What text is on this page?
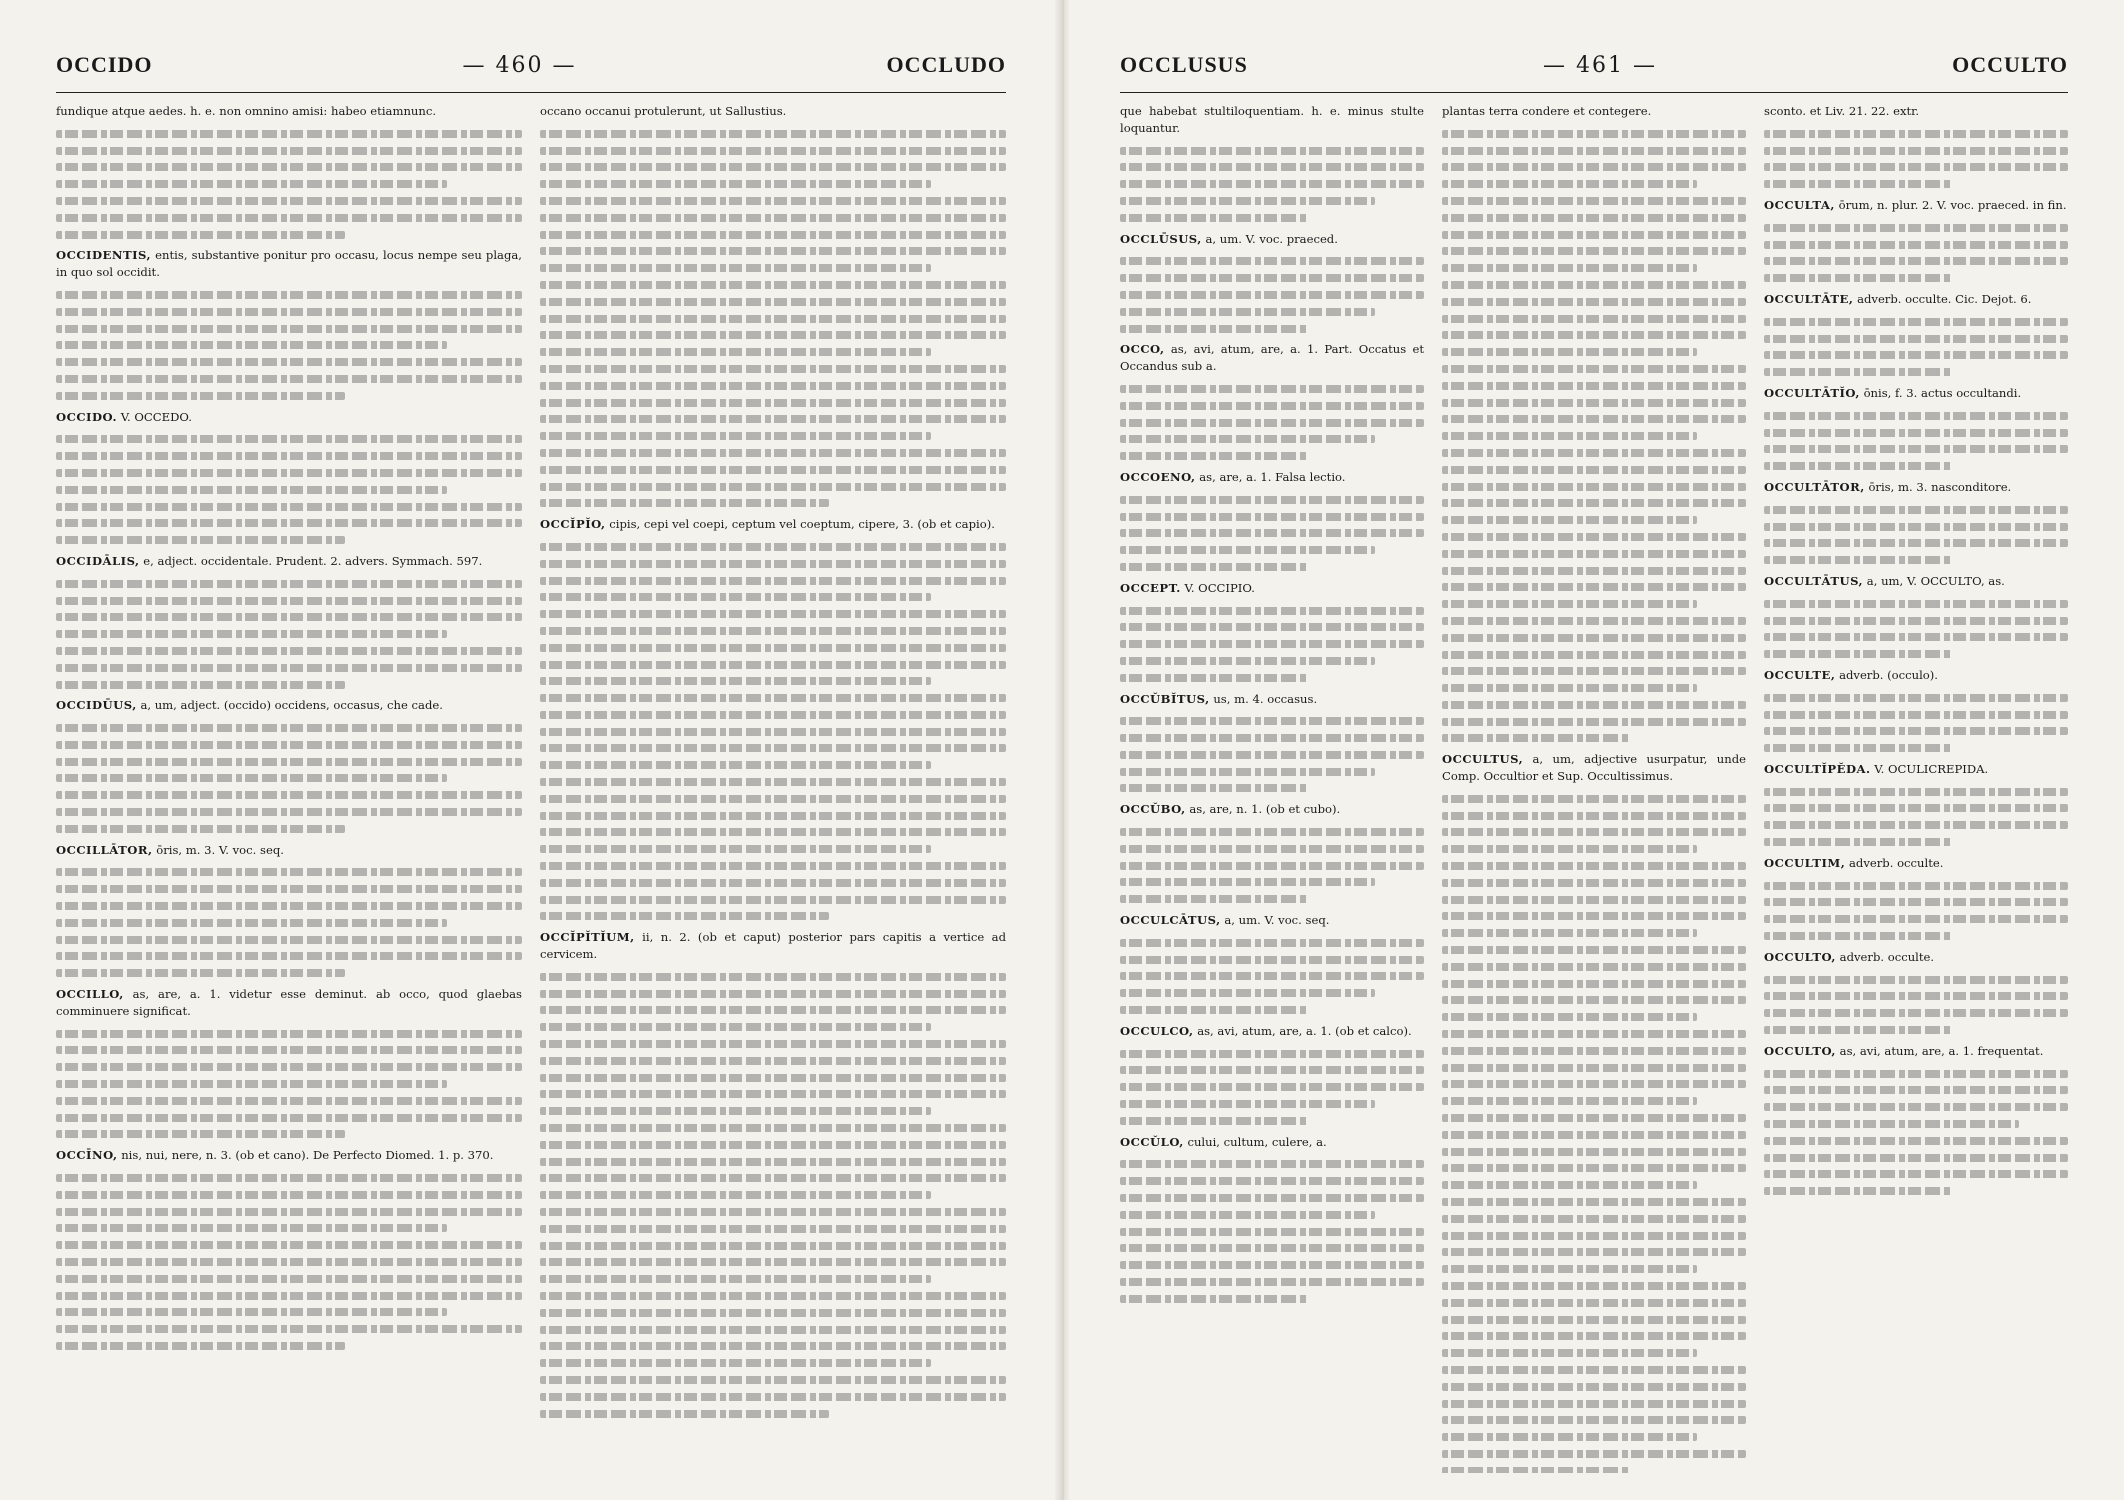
OCCIDO	— 460 —	OCCLUDO

fundique atque aedes. h. e. non omnino amisi: habeo etiamnunc.

OCCIDENTIS, entis, substantive ponitur pro occasu, locus nempe seu plaga, in quo sol occidit.

OCCIDO. V. OCCEDO.

OCCIDĀLIS, e, adject. occidentale. Prudent. 2. advers. Symmach. 597.

OCCIDŪUS, a, um, adject. (occido) occidens, occasus, che cade.

OCCILLĀTOR, ōris, m. 3. V. voc. seq.

OCCILLO, as, are, a. 1. videtur esse deminut. ab occo, quod glaebas comminuere significat.

OCCĪNO, nis, nui, nere, n. 3. (ob et cano). De Perfecto Diomed. 1. p. 370.

occano occanui protulerunt, ut Sallustius.

OCCĬPĬO, cipis, cepi vel coepi, ceptum vel coeptum, cipere, 3. (ob et capio).

OCCĬPĬTĬUM, ii, n. 2. (ob et caput) posterior pars capitis a vertice ad cervicem.

OCCLUSUS	— 461 —	OCCULTO

que habebat stultiloquentiam. h. e. minus stulte loquantur.

OCCLŪSUS, a, um. V. voc. praeced.

OCCO, as, avi, atum, are, a. 1. Part. Occatus et Occandus sub a.

OCCOENO, as, are, a. 1. Falsa lectio.

OCCEPT. V. OCCIPIO.

OCCŬBĬTUS, us, m. 4. occasus.

OCCŬBO, as, are, n. 1. (ob et cubo).

OCCULCĀTUS, a, um. V. voc. seq.

OCCULCO, as, avi, atum, are, a. 1. (ob et calco).

OCCŬLO, cului, cultum, culere, a.

plantas terra condere et contegere.

OCCULTUS, a, um, adjective usurpatur, unde Comp. Occultior et Sup. Occultissimus.

sconto. et Liv. 21. 22. extr.

OCCULTA, ōrum, n. plur. 2. V. voc. praeced. in fin.

OCCULTĀTE, adverb. occulte. Cic. Dejot. 6.

OCCULTĀTĬO, ōnis, f. 3. actus occultandi.

OCCULTĀTOR, ōris, m. 3. nasconditore.

OCCULTĀTUS, a, um, V. OCCULTO, as.

OCCULTE, adverb. (occulo).

OCCULTĬPĔDA. V. OCULICREPIDA.

OCCULTIM, adverb. occulte.

OCCULTO, adverb. occulte.

OCCULTO, as, avi, atum, are, a. 1. frequentat.
